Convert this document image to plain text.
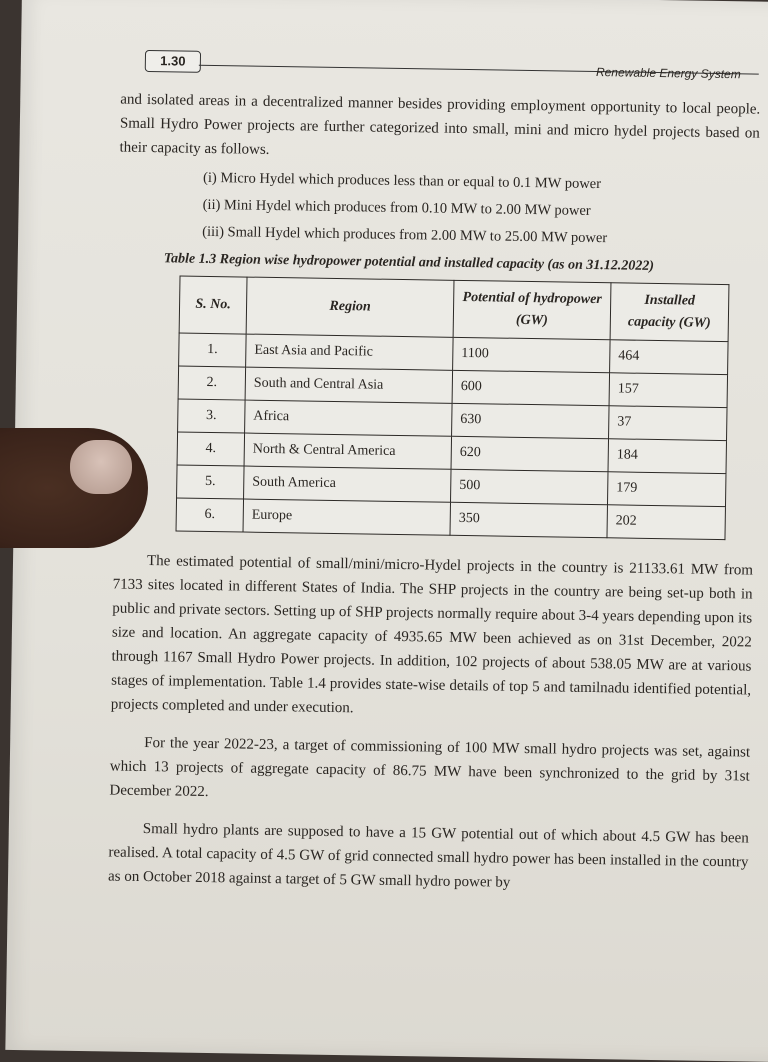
1.30
Renewable Energy System

and isolated areas in a decentralized manner besides providing employment opportunity to local people. Small Hydro Power projects are further categorized into small, mini and micro hydel projects based on their capacity as follows.

(i) Micro Hydel which produces less than or equal to 0.1 MW power
(ii) Mini Hydel which produces from 0.10 MW to 2.00 MW power
(iii) Small Hydel which produces from 2.00 MW to 25.00 MW power
Table 1.3 Region wise hydropower potential and installed capacity (as on 31.12.2022)
S. No.	Region	Potential of hydropower (GW)	Installed capacity (GW)
1.	East Asia and Pacific	1100	464
2.	South and Central Asia	600	157
3.	Africa	630	37
4.	North & Central America	620	184
5.	South America	500	179
6.	Europe	350	202

The estimated potential of small/mini/micro-Hydel projects in the country is 21133.61 MW from 7133 sites located in different States of India. The SHP projects in the country are being set-up both in public and private sectors. Setting up of SHP projects normally require about 3-4 years depending upon its size and location. An aggregate capacity of 4935.65 MW been achieved as on 31st December, 2022 through 1167 Small Hydro Power projects. In addition, 102 projects of about 538.05 MW are at various stages of implementation. Table 1.4 provides state-wise details of top 5 and tamilnadu identified potential, projects completed and under execution.

For the year 2022-23, a target of commissioning of 100 MW small hydro projects was set, against which 13 projects of aggregate capacity of 86.75 MW have been synchronized to the grid by 31st December 2022.

Small hydro plants are supposed to have a 15 GW potential out of which about 4.5 GW has been realised. A total capacity of 4.5 GW of grid connected small hydro power has been installed in the country as on October 2018 against a target of 5 GW small hydro power by
